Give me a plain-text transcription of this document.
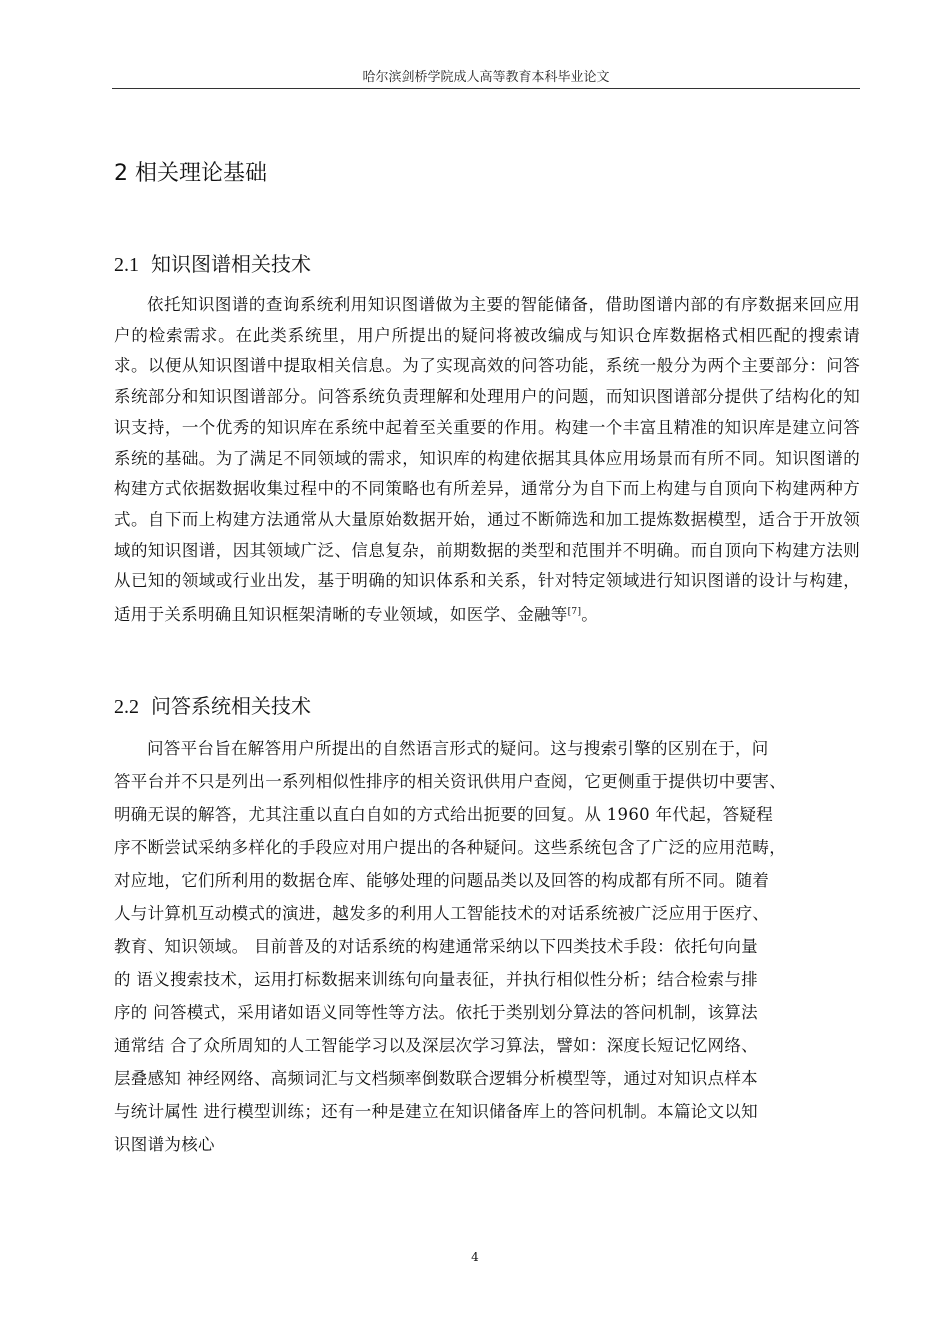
哈尔滨剑桥学院成人高等教育本科毕业论文
2 相关理论基础
2.1 知识图谱相关技术

依托知识图谱的查询系统利用知识图谱做为主要的智能储备，借助图谱内部的有序数据来回应用户的检索需求。在此类系统里，用户所提出的疑问将被改编成与知识仓库数据格式相匹配的搜索请求。以便从知识图谱中提取相关信息。为了实现高效的问答功能，系统一般分为两个主要部分：问答系统部分和知识图谱部分。问答系统负责理解和处理用户的问题，而知识图谱部分提供了结构化的知识支持，一个优秀的知识库在系统中起着至关重要的作用。构建一个丰富且精准的知识库是建立问答系统的基础。为了满足不同领域的需求，知识库的构建依据其具体应用场景而有所不同。知识图谱的构建方式依据数据收集过程中的不同策略也有所差异，通常分为自下而上构建与自顶向下构建两种方式。自下而上构建方法通常从大量原始数据开始，通过不断筛选和加工提炼数据模型，适合于开放领域的知识图谱，因其领域广泛、信息复杂，前期数据的类型和范围并不明确。而自顶向下构建方法则从已知的领域或行业出发，基于明确的知识体系和关系，针对特定领域进行知识图谱的设计与构建，适用于关系明确且知识框架清晰的专业领域，如医学、金融等[7]。

2.2 问答系统相关技术
问答平台旨在解答用户所提出的自然语言形式的疑问。这与搜索引擎的区别在于，问
答平台并不只是列出一系列相似性排序的相关资讯供用户查阅，它更侧重于提供切中要害、
明确无误的解答，尤其注重以直白自如的方式给出扼要的回复。从 1960 年代起，答疑程
序不断尝试采纳多样化的手段应对用户提出的各种疑问。这些系统包含了广泛的应用范畴，
对应地，它们所利用的数据仓库、能够处理的问题品类以及回答的构成都有所不同。随着
人与计算机互动模式的演进，越发多的利用人工智能技术的对话系统被广泛应用于医疗、
教育、知识领域。 目前普及的对话系统的构建通常采纳以下四类技术手段：依托句向量
的 语义搜索技术，运用打标数据来训练句向量表征，并执行相似性分析；结合检索与排
序的 问答模式，采用诸如语义同等性等方法。依托于类别划分算法的答问机制，该算法
通常结 合了众所周知的人工智能学习以及深层次学习算法，譬如：深度长短记忆网络、
层叠感知 神经网络、高频词汇与文档频率倒数联合逻辑分析模型等，通过对知识点样本
与统计属性 进行模型训练；还有一种是建立在知识储备库上的答问机制。本篇论文以知
识图谱为核心
4
